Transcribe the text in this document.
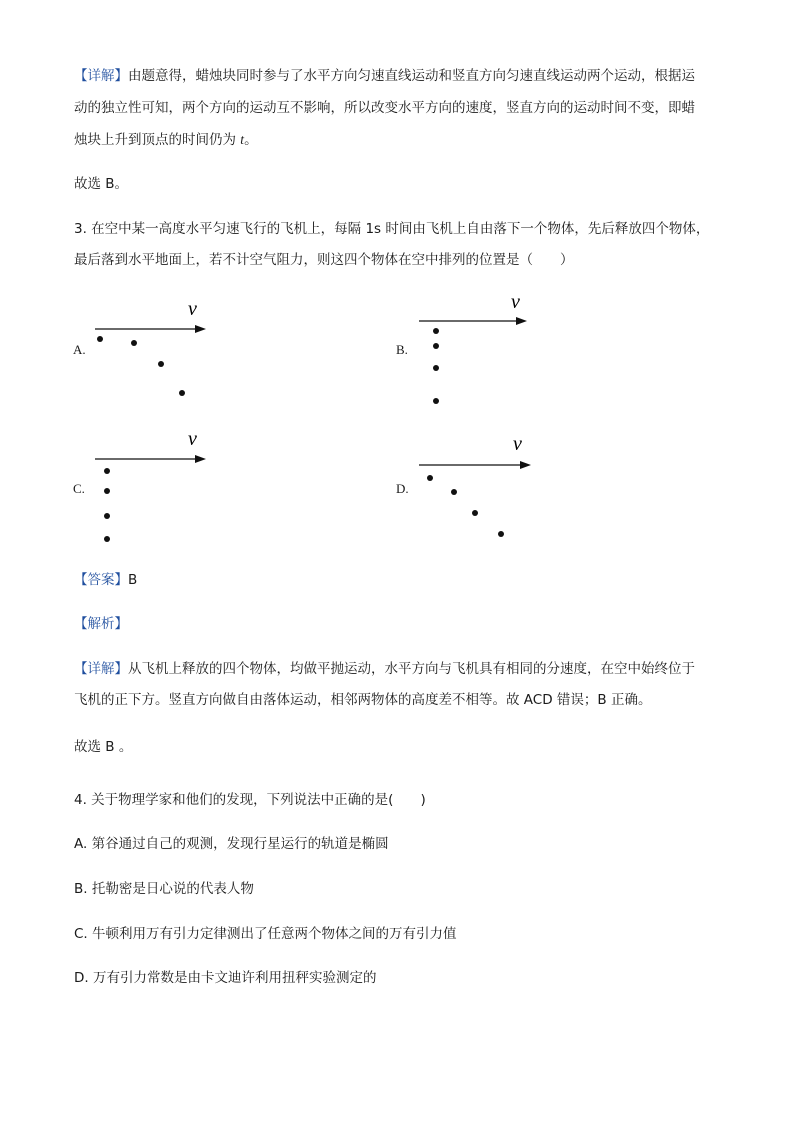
【详解】由题意得，蜡烛块同时参与了水平方向匀速直线运动和竖直方向匀速直线运动两个运动，根据运
动的独立性可知，两个方向的运动互不影响，所以改变水平方向的速度，竖直方向的运动时间不变，即蜡
烛块上升到顶点的时间仍为 t。
故选 B。
3. 在空中某一高度水平匀速飞行的飞机上，每隔 1s 时间由飞机上自由落下一个物体，先后释放四个物体，
最后落到水平地面上，若不计空气阻力，则这四个物体在空中排列的位置是（　　）
A.
v
B.
v
C.
v
D.
v
【答案】B
【解析】
【详解】从飞机上释放的四个物体，均做平抛运动，水平方向与飞机具有相同的分速度，在空中始终位于
飞机的正下方。竖直方向做自由落体运动，相邻两物体的高度差不相等。故 ACD 错误；B 正确。
故选 B 。
4. 关于物理学家和他们的发现，下列说法中正确的是(　　)
A. 第谷通过自己的观测，发现行星运行的轨道是椭圆
B. 托勒密是日心说的代表人物
C. 牛顿利用万有引力定律测出了任意两个物体之间的万有引力值
D. 万有引力常数是由卡文迪许利用扭秤实验测定的
